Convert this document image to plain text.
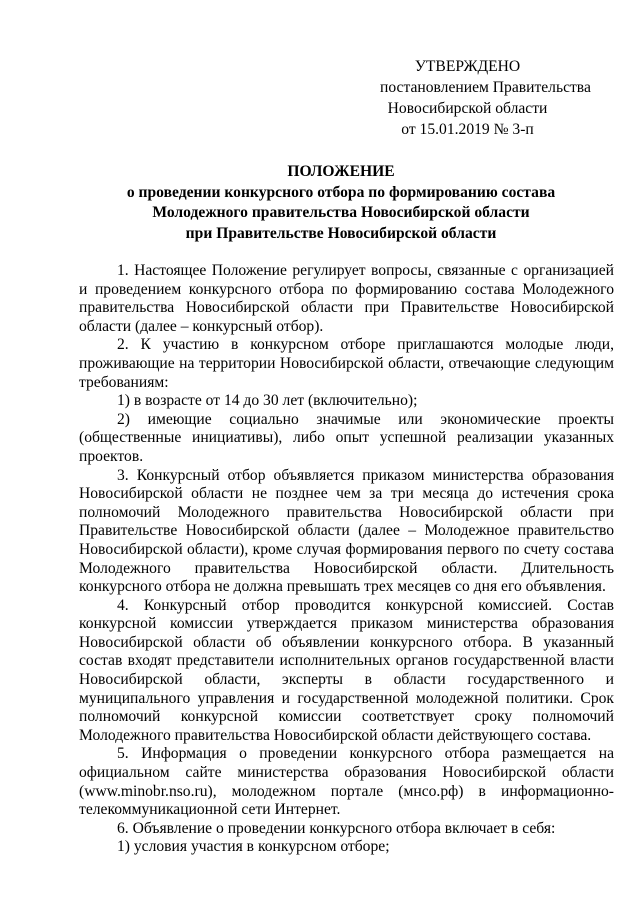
УТВЕРЖДЕНО
постановлением Правительства
Новосибирской области
от 15.01.2019 № 3-п
ПОЛОЖЕНИЕ
о проведении конкурсного отбора по формированию состава
Молодежного правительства Новосибирской области
при Правительстве Новосибирской области

1. Настоящее Положение регулирует вопросы, связанные с организацией и проведением конкурсного отбора по формированию состава Молодежного правительства Новосибирской области при Правительстве Новосибирской области (далее – конкурсный отбор).

2. К участию в конкурсном отборе приглашаются молодые люди, проживающие на территории Новосибирской области, отвечающие следующим требованиям:

1) в возрасте от 14 до 30 лет (включительно);

2) имеющие социально значимые или экономические проекты (общественные инициативы), либо опыт успешной реализации указанных проектов.

3. Конкурсный отбор объявляется приказом министерства образования Новосибирской области не позднее чем за три месяца до истечения срока полномочий Молодежного правительства Новосибирской области при Правительстве Новосибирской области (далее – Молодежное правительство Новосибирской области), кроме случая формирования первого по счету состава Молодежного правительства Новосибирской области. Длительность конкурсного отбора не должна превышать трех месяцев со дня его объявления.

4. Конкурсный отбор проводится конкурсной комиссией. Состав конкурсной комиссии утверждается приказом министерства образования Новосибирской области об объявлении конкурсного отбора. В указанный состав входят представители исполнительных органов государственной власти Новосибирской области, эксперты в области государственного и муниципального управления и государственной молодежной политики. Срок полномочий конкурсной комиссии соответствует сроку полномочий Молодежного правительства Новосибирской области действующего состава.

5. Информация о проведении конкурсного отбора размещается на официальном сайте министерства образования Новосибирской области (www.minobr.nso.ru), молодежном портале (мнсо.рф) в информационно-телекоммуникационной сети Интернет.

6. Объявление о проведении конкурсного отбора включает в себя:

1) условия участия в конкурсном отборе;
